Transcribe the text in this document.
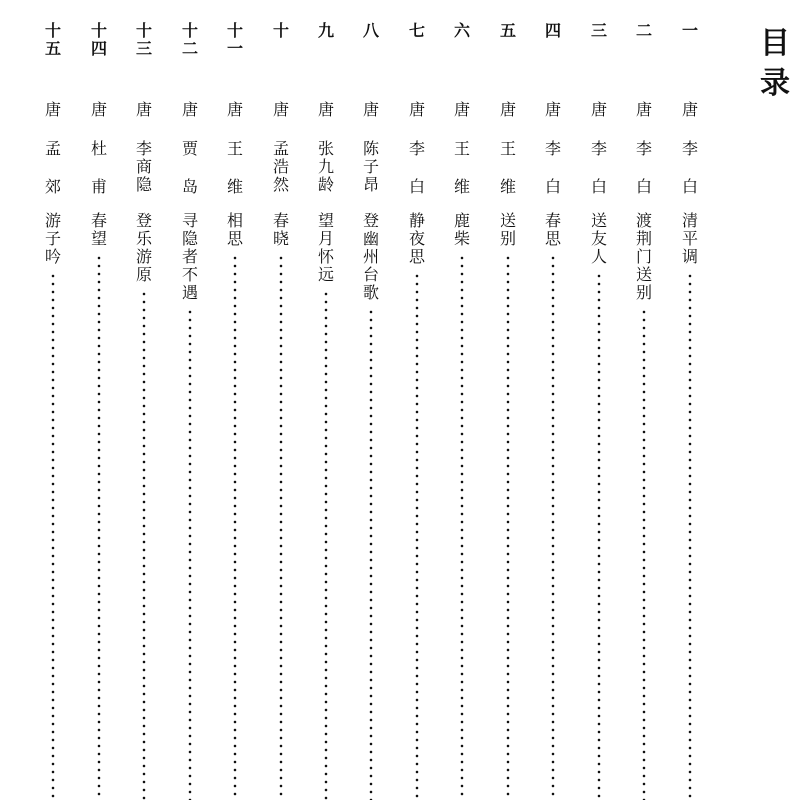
目
录
一
唐
李
白
清
平
调
二
唐
李
白
渡
荆
门
送
别
三
唐
李
白
送
友
人
四
唐
李
白
春
思
五
唐
王
维
送
别
六
唐
王
维
鹿
柴
七
唐
李
白
静
夜
思
八
唐
陈
子
昂
登
幽
州
台
歌
九
唐
张
九
龄
望
月
怀
远
十
唐
孟
浩
然
春
晓
十
一
唐
王
维
相
思
十
二
唐
贾
岛
寻
隐
者
不
遇
十
三
唐
李
商
隐
登
乐
游
原
十
四
唐
杜
甫
春
望
十
五
唐
孟
郊
游
子
吟
